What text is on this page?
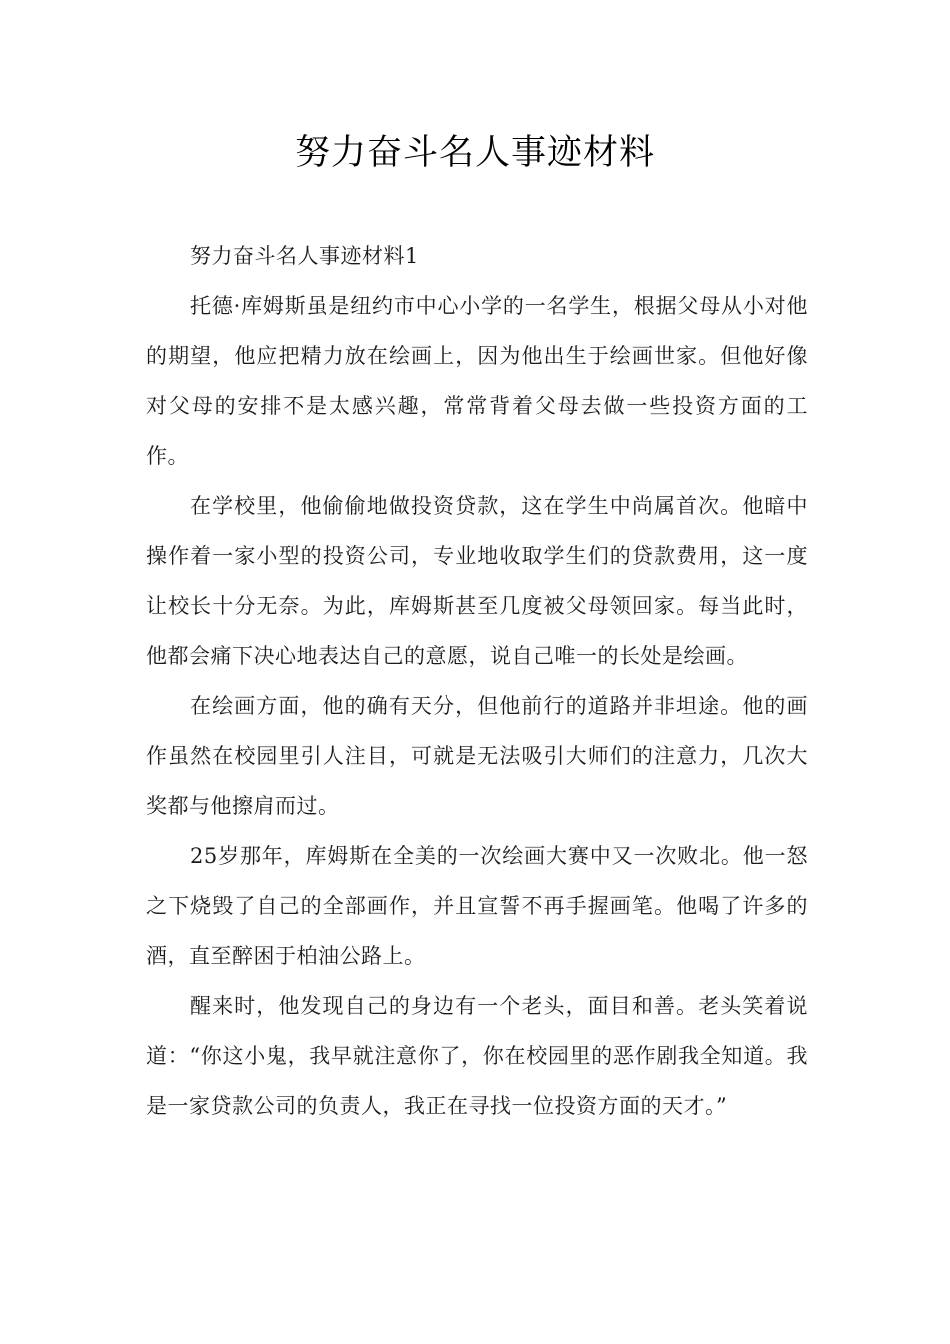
努力奋斗名人事迹材料

努力奋斗名人事迹材料1

托德·库姆斯虽是纽约市中心小学的一名学生，根据父母从小对他的期望，他应把精力放在绘画上，因为他出生于绘画世家。但他好像对父母的安排不是太感兴趣，常常背着父母去做一些投资方面的工作。

在学校里，他偷偷地做投资贷款，这在学生中尚属首次。他暗中操作着一家小型的投资公司，专业地收取学生们的贷款费用，这一度让校长十分无奈。为此，库姆斯甚至几度被父母领回家。每当此时，他都会痛下决心地表达自己的意愿，说自己唯一的长处是绘画。

在绘画方面，他的确有天分，但他前行的道路并非坦途。他的画作虽然在校园里引人注目，可就是无法吸引大师们的注意力，几次大奖都与他擦肩而过。

25岁那年，库姆斯在全美的一次绘画大赛中又一次败北。他一怒之下烧毁了自己的全部画作，并且宣誓不再手握画笔。他喝了许多的酒，直至醉困于柏油公路上。

醒来时，他发现自己的身边有一个老头，面目和善。老头笑着说道：“你这小鬼，我早就注意你了，你在校园里的恶作剧我全知道。我是一家贷款公司的负责人，我正在寻找一位投资方面的天才。”
